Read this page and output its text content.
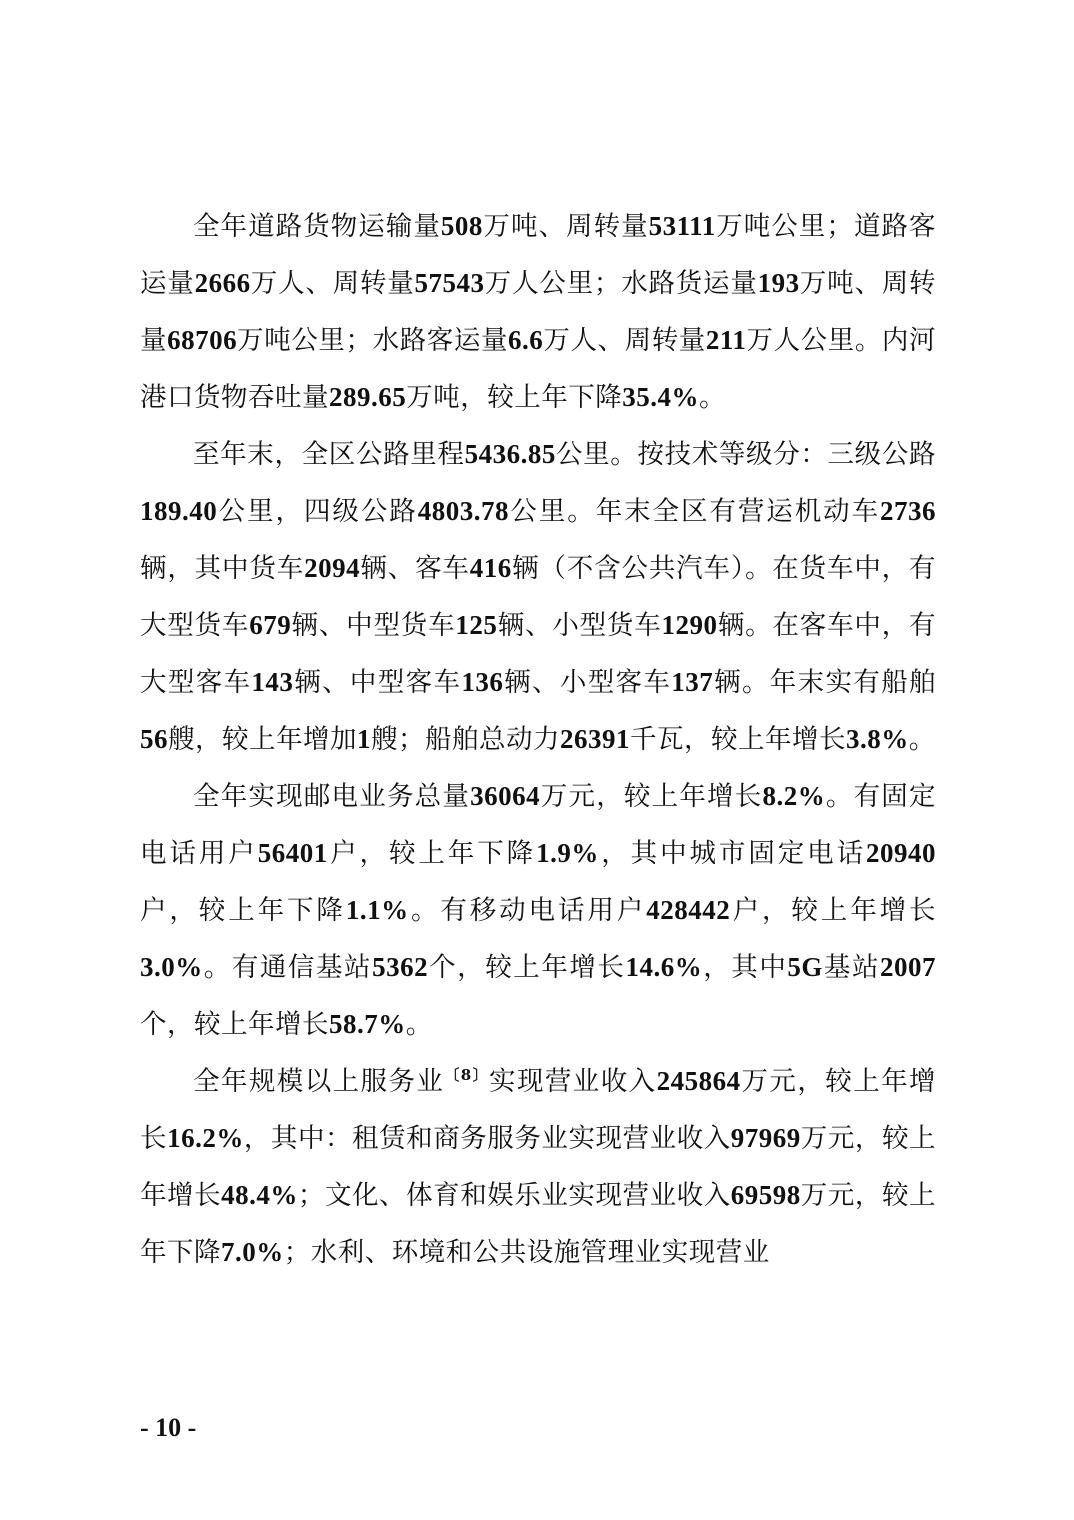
全年道路货物运输量508万吨、周转量53111万吨公里；道路客运量2666万人、周转量57543万人公里；水路货运量193万吨、周转量68706万吨公里；水路客运量6.6万人、周转量211万人公里。内河港口货物吞吐量289.65万吨，较上年下降35.4%。

至年末，全区公路里程5436.85公里。按技术等级分：三级公路189.40公里，四级公路4803.78公里。年末全区有营运机动车2736辆，其中货车2094辆、客车416辆（不含公共汽车）。在货车中，有大型货车679辆、中型货车125辆、小型货车1290辆。在客车中，有大型客车143辆、中型客车136辆、小型客车137辆。年末实有船舶56艘，较上年增加1艘；船舶总动力26391千瓦，较上年增长3.8%。

全年实现邮电业务总量36064万元，较上年增长8.2%。有固定电话用户56401户，较上年下降1.9%，其中城市固定电话20940户，较上年下降1.1%。有移动电话用户428442户，较上年增长3.0%。有通信基站5362个，较上年增长14.6%，其中5G基站2007个，较上年增长58.7%。

全年规模以上服务业$^{〔8〕}$实现营业收入245864万元，较上年增长16.2%，其中：租赁和商务服务业实现营业收入97969万元，较上年增长48.4%；文化、体育和娱乐业实现营业收入69598万元，较上年下降7.0%；水利、环境和公共设施管理业实现营业

- 10 -
